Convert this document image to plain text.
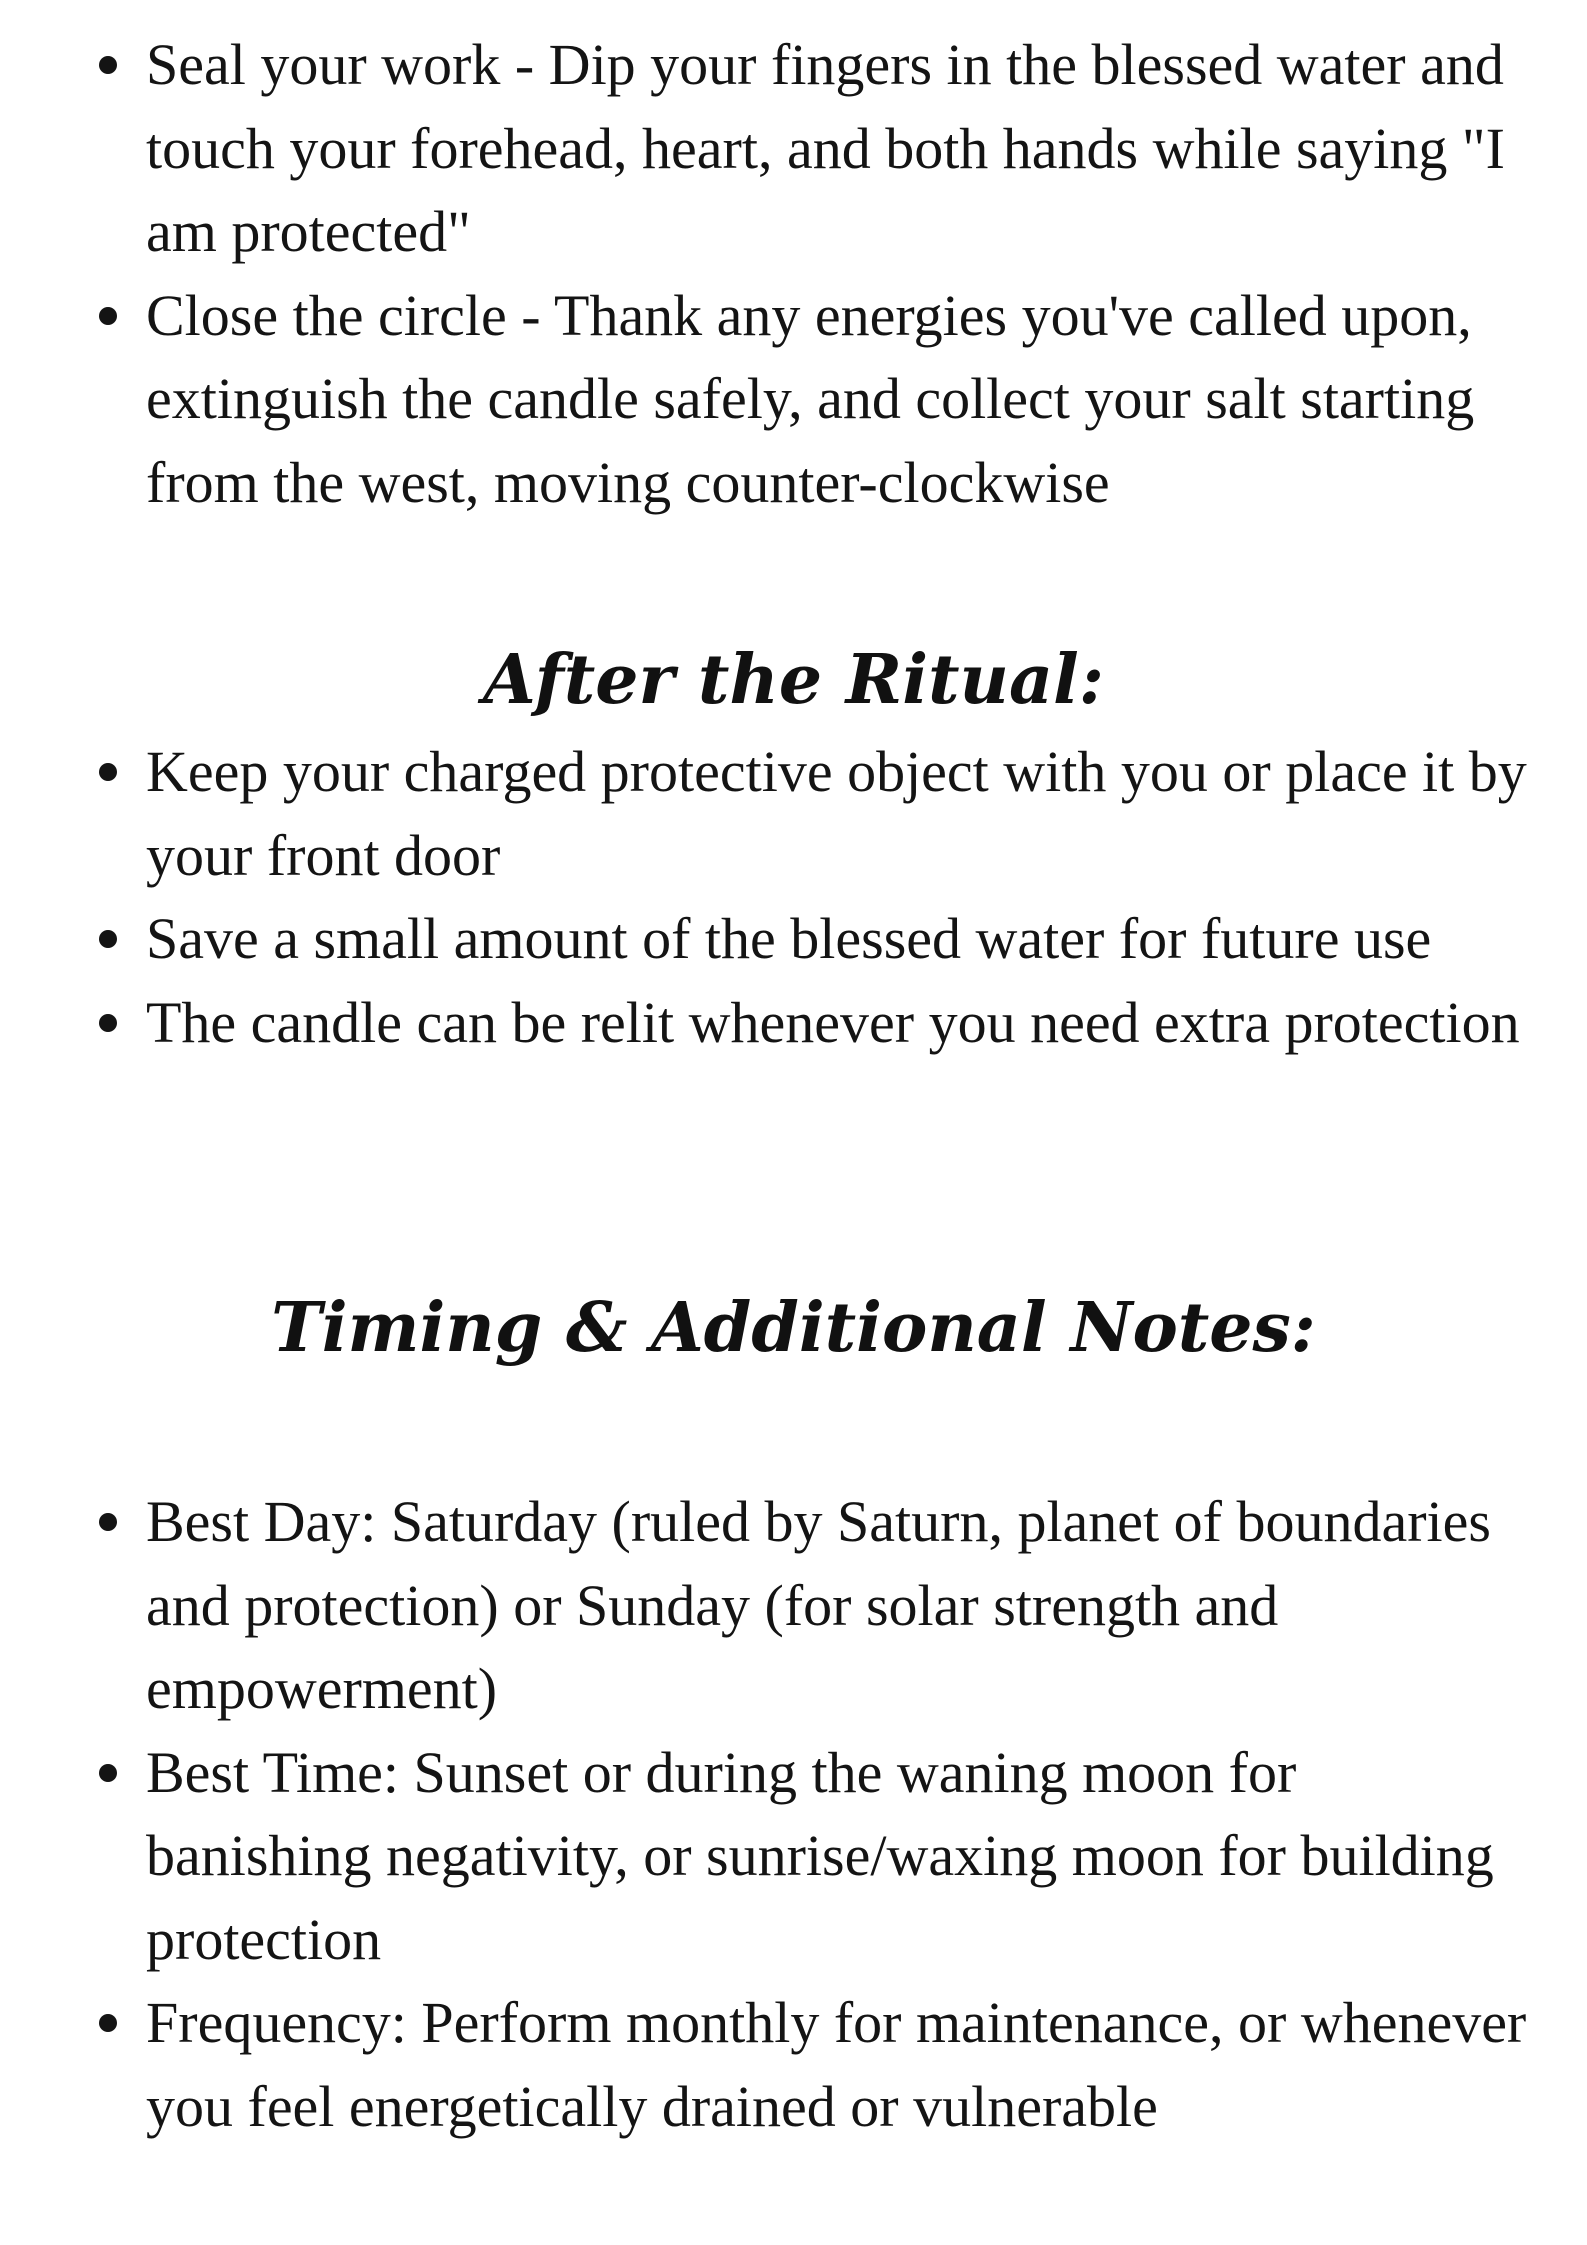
Seal your work - Dip your fingers in the blessed water and touch your forehead, heart, and both hands while saying "I am protected"
Close the circle - Thank any energies you've called upon, extinguish the candle safely, and collect your salt starting from the west, moving counter-clockwise
After the Ritual:
Keep your charged protective object with you or place it by your front door
Save a small amount of the blessed water for future use
The candle can be relit whenever you need extra protection
Timing & Additional Notes:
Best Day: Saturday (ruled by Saturn, planet of boundaries and protection) or Sunday (for solar strength and empowerment)
Best Time: Sunset or during the waning moon for banishing negativity, or sunrise/waxing moon for building protection
Frequency: Perform monthly for maintenance, or whenever you feel energetically drained or vulnerable
